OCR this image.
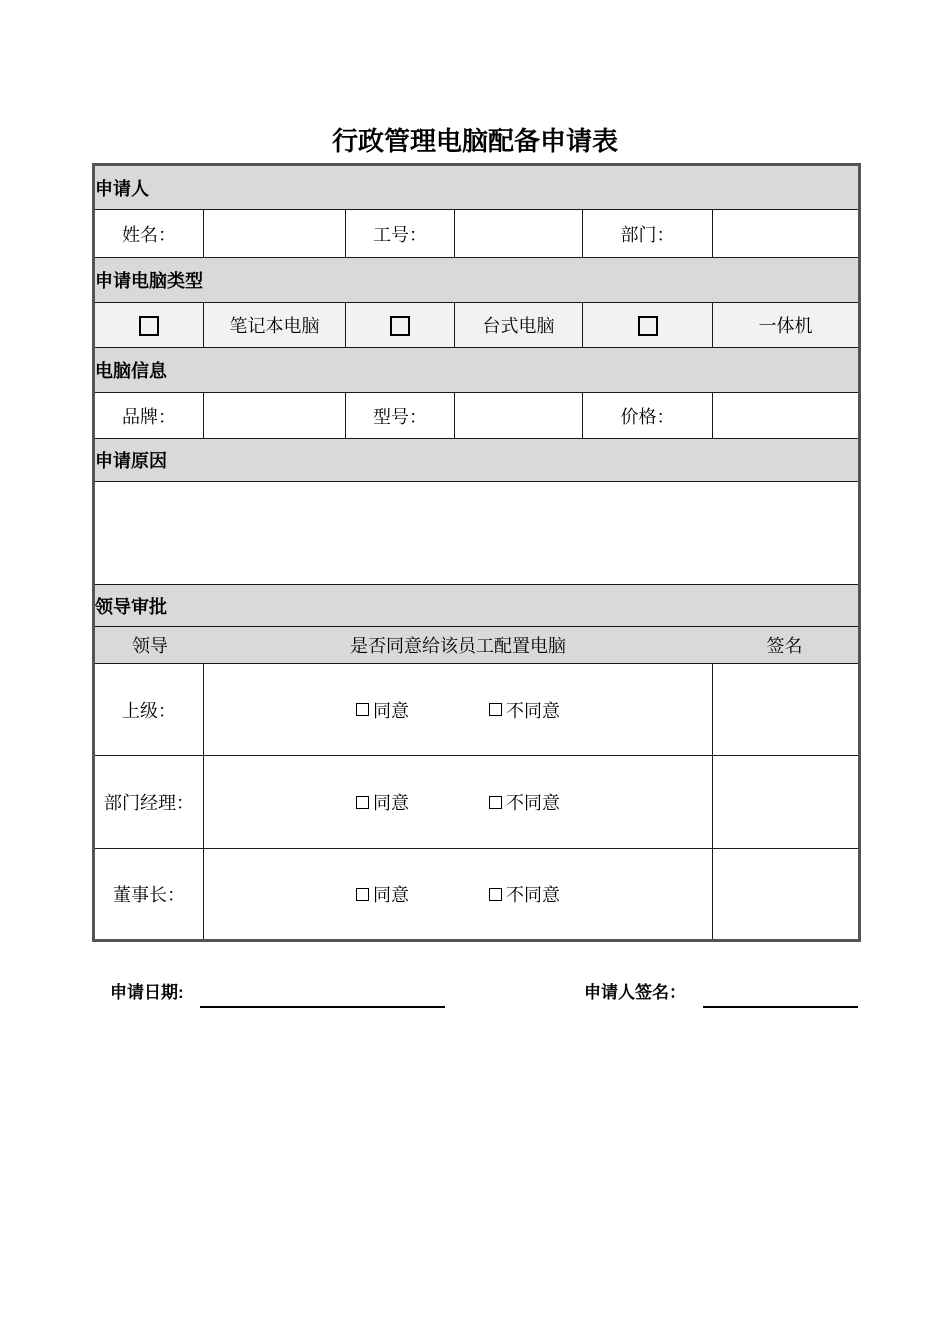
行政管理电脑配备申请表
申请人					
姓名：		工号：		部门：	
申请电脑类型					
	笔记本电脑		台式电脑		一体机
电脑信息					
品牌：		型号：		价格：	
申请原因					

领导审批					

领导 是否同意给该员工配置电脑 签名					

上级：	同意 不同意				

部门经理：	同意 不同意				

董事长：	同意 不同意				

申请日期:	申请人签名：
